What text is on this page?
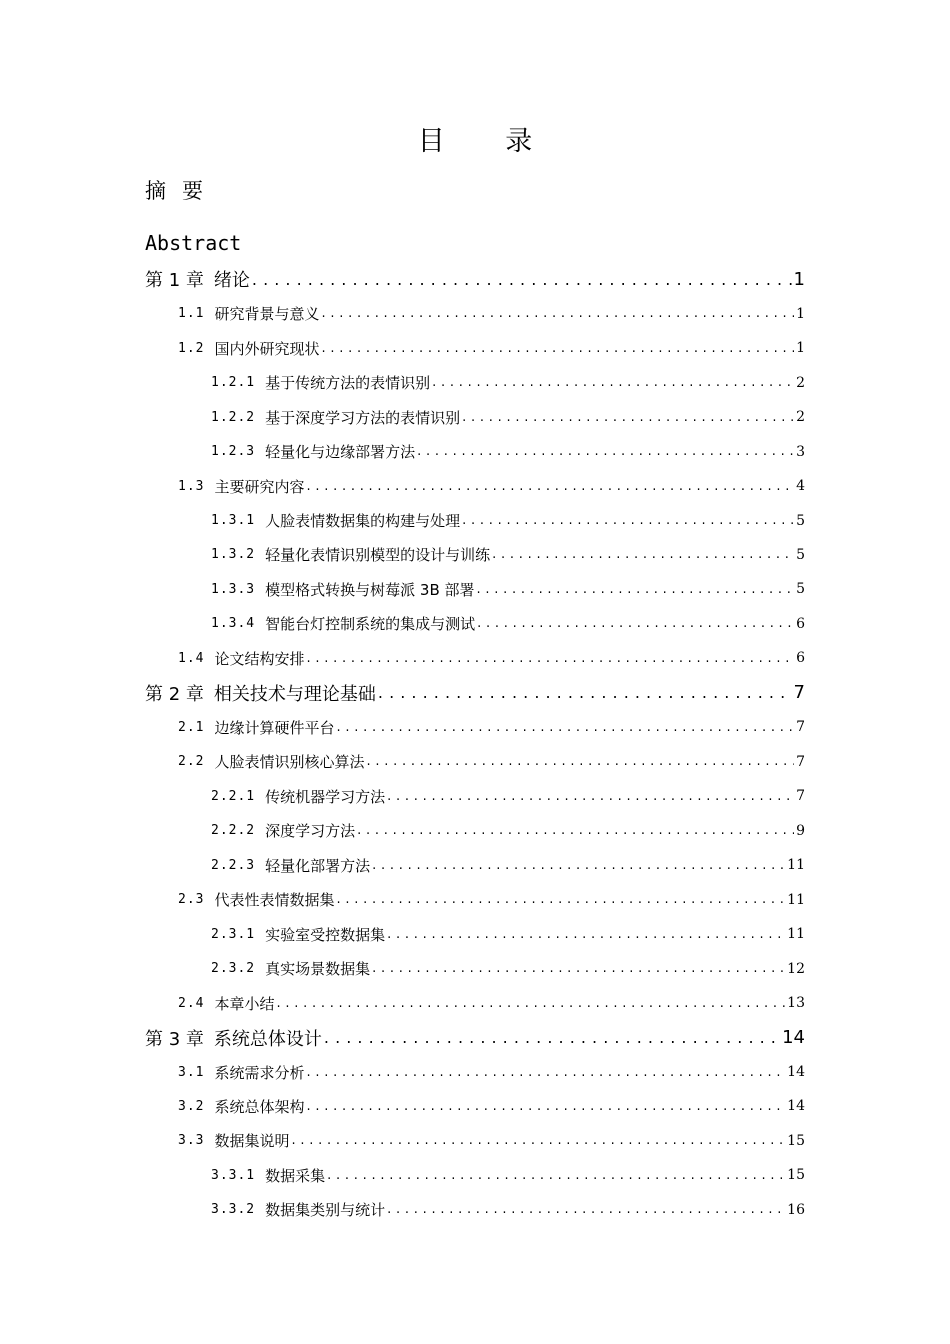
目 录
摘要
Abstract
第 1 章 绪论 . . .	1
1.1 研究背景与意义 . . .	1
1.2 国内外研究现状 . . .	1
1.2.1 基于传统方法的表情识别 . . .	2
1.2.2 基于深度学习方法的表情识别 . . .	2
1.2.3 轻量化与边缘部署方法 . . .	3
1.3 主要研究内容 . . .	4
1.3.1 人脸表情数据集的构建与处理 . . .	5
1.3.2 轻量化表情识别模型的设计与训练 . . .	5
1.3.3 模型格式转换与树莓派 3B 部署 . . .	5
1.3.4 智能台灯控制系统的集成与测试 . . .	6
1.4 论文结构安排 . . .	6
第 2 章 相关技术与理论基础 . . .	7
2.1 边缘计算硬件平台 . . .	7
2.2 人脸表情识别核心算法 . . .	7
2.2.1 传统机器学习方法 . . .	7
2.2.2 深度学习方法 . . .	9
2.2.3 轻量化部署方法 . . .	11
2.3 代表性表情数据集 . . .	11
2.3.1 实验室受控数据集 . . .	11
2.3.2 真实场景数据集 . . .	12
2.4 本章小结 . . .	13
第 3 章 系统总体设计 . . .	14
3.1 系统需求分析 . . .	14
3.2 系统总体架构 . . .	14
3.3 数据集说明 . . .	15
3.3.1 数据采集 . . .	15
3.3.2 数据集类别与统计 . . .	16
